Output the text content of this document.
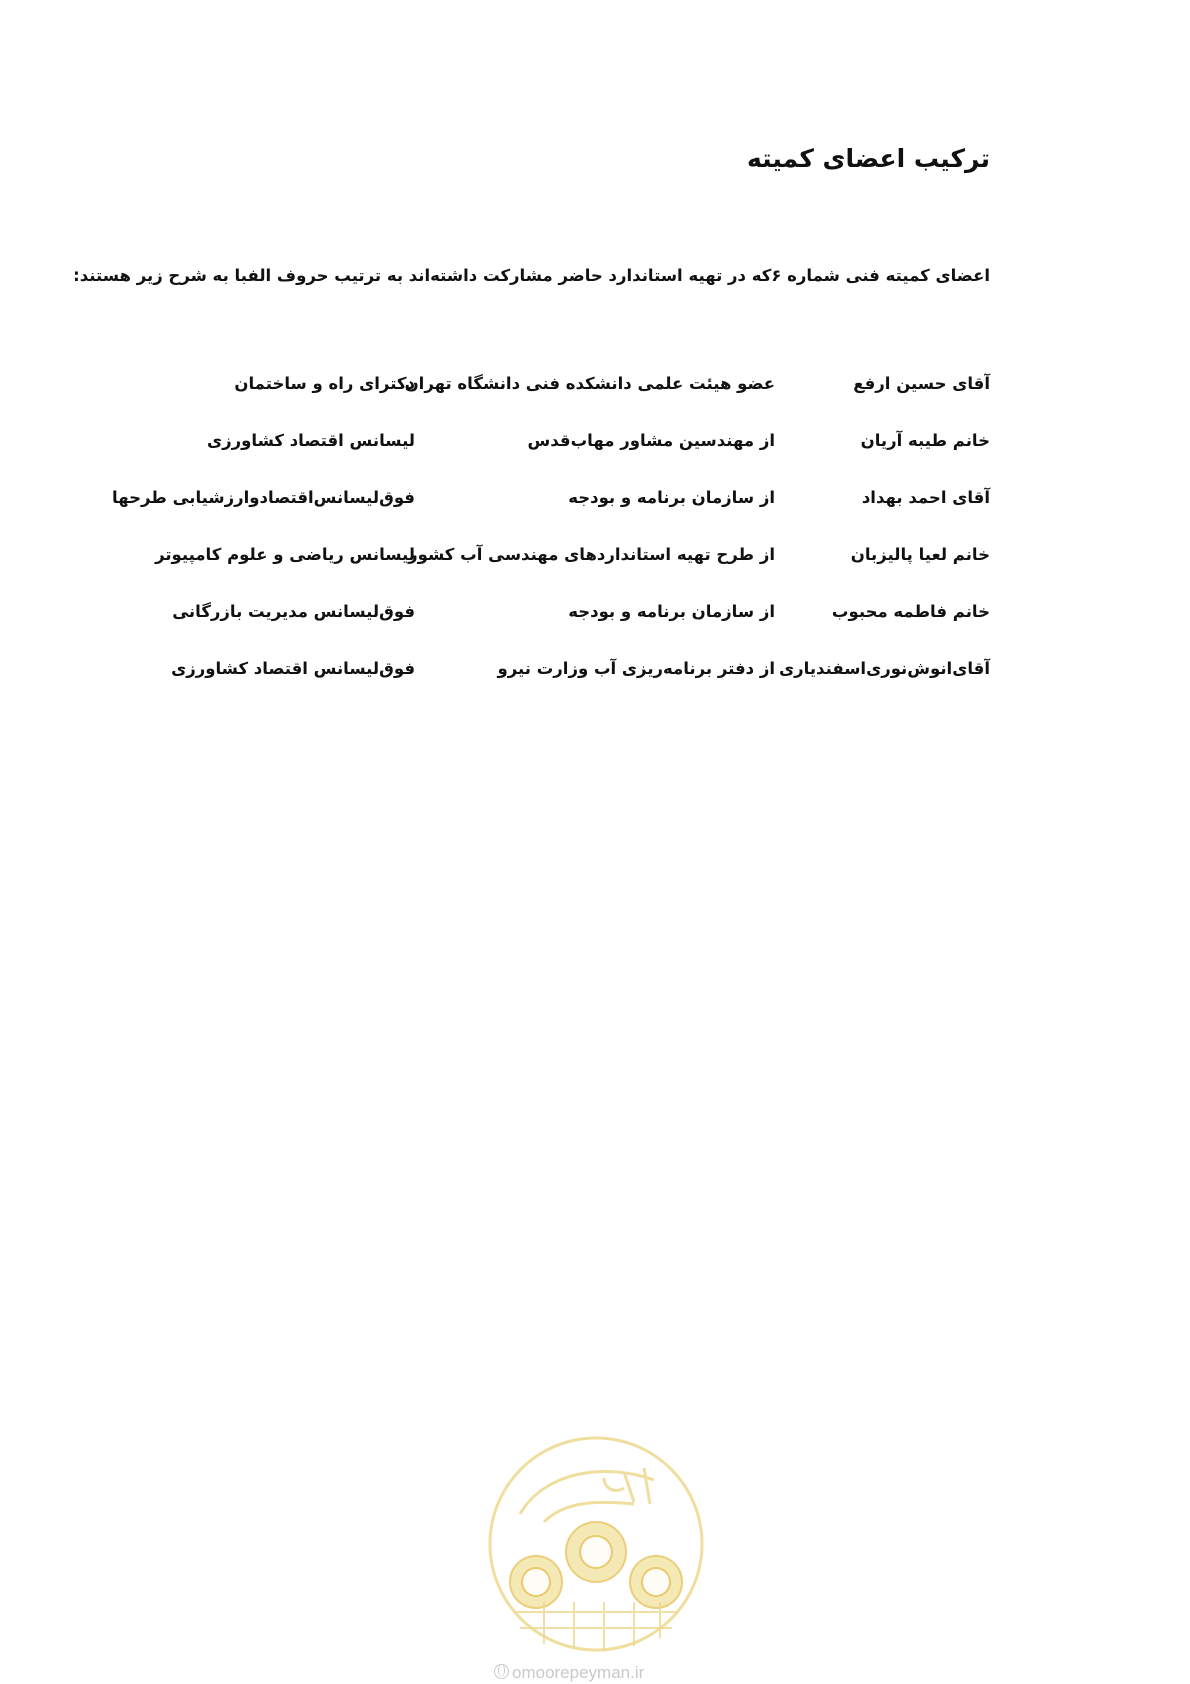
ترکیب اعضای کمیته
اعضای کمیته فنی شماره ۶که در تهیه استاندارد حاضر مشارکت داشته‌اند به ترتیب حروف الفبا به شرح زیر هستند:
آقای حسین ارفع
عضو هیئت علمی دانشکده فنی دانشگاه تهران
دکترای راه و ساختمان
خانم طیبه آریان
از مهندسین مشاور مهاب‌قدس
لیسانس اقتصاد کشاورزی
آقای احمد بهداد
از سازمان برنامه و بودجه
فوق‌لیسانس‌اقتصادوارزشیابی طرحها
خانم لعیا پالیزبان
از طرح تهیه استانداردهای مهندسی آب کشور
لیسانس ریاضی و علوم کامپیوتر
خانم فاطمه محبوب
از سازمان برنامه و بودجه
فوق‌لیسانس مدیریت بازرگانی
آقای‌انوش‌نوری‌اسفندیاری
از دفتر برنامه‌ریزی آب وزارت نیرو
فوق‌لیسانس اقتصاد کشاورزی
omoorepeyman.ir
